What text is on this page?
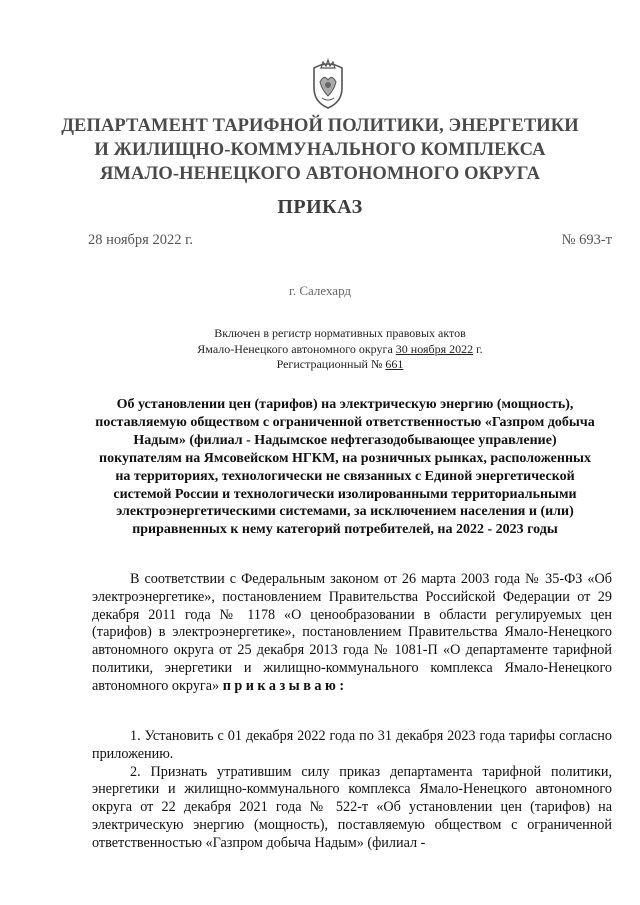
ДЕПАРТАМЕНТ ТАРИФНОЙ ПОЛИТИКИ, ЭНЕРГЕТИКИ
И ЖИЛИЩНО-КОММУНАЛЬНОГО КОМПЛЕКСА
ЯМАЛО-НЕНЕЦКОГО АВТОНОМНОГО ОКРУГА
ПРИКАЗ
28 ноября 2022 г.	№ 693-т
г. Салехард
Включен в регистр нормативных правовых актов
Ямало-Ненецкого автономного округа 30 ноября 2022 г.
Регистрационный № 661
Об установлении цен (тарифов) на электрическую энергию (мощность), поставляемую обществом с ограниченной ответственностью «Газпром добыча Надым» (филиал - Надымское нефтегазодобывающее управление) покупателям на Ямсовейском НГКМ, на розничных рынках, расположенных на территориях, технологически не связанных с Единой энергетической системой России и технологически изолированными территориальными электроэнергетическими системами, за исключением населения и (или) приравненных к нему категорий потребителей, на 2022 - 2023 годы
В соответствии с Федеральным законом от 26 марта 2003 года № 35-ФЗ «Об электроэнергетике», постановлением Правительства Российской Федерации от 29 декабря 2011 года № 1178 «О ценообразовании в области регулируемых цен (тарифов) в электроэнергетике», постановлением Правительства Ямало-Ненецкого автономного округа от 25 декабря 2013 года № 1081-П «О департаменте тарифной политики, энергетики и жилищно-коммунального комплекса Ямало-Ненецкого автономного округа» приказываю:

1. Установить с 01 декабря 2022 года по 31 декабря 2023 года тарифы согласно приложению.

2. Признать утратившим силу приказ департамента тарифной политики, энергетики и жилищно-коммунального комплекса Ямало-Ненецкого автономного округа от 22 декабря 2021 года № 522-т «Об установлении цен (тарифов) на электрическую энергию (мощность), поставляемую обществом с ограниченной ответственностью «Газпром добыча Надым» (филиал -
